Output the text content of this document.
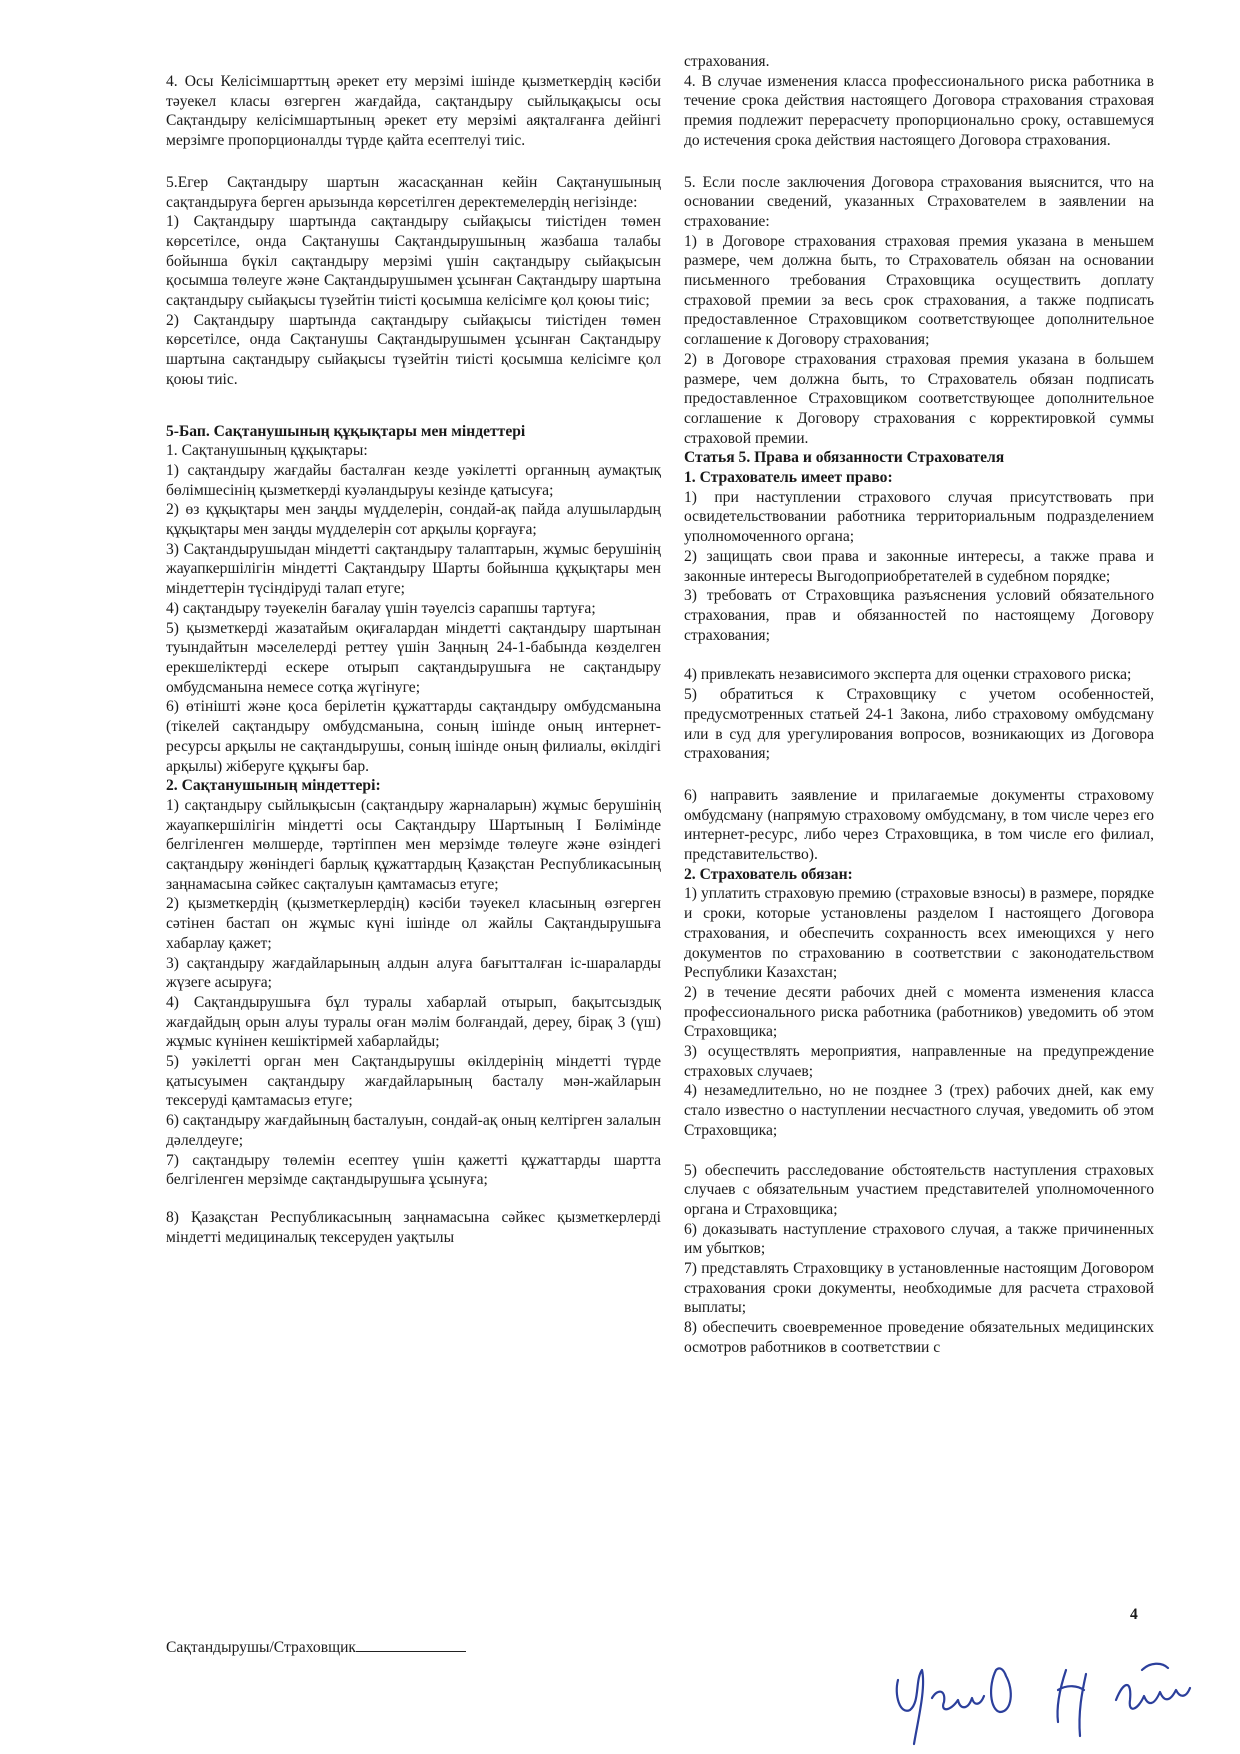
4. Осы Келісімшарттың әрекет ету мерзімі ішінде қызметкердің кәсіби тәуекел класы өзгерген жағдайда, сақтандыру сыйлықақысы осы Сақтандыру келісімшартының әрекет ету мерзімі аяқталғанға дейінгі мерзімге пропорционалды түрде қайта есептелуі тиіс.

5.Егер Сақтандыру шартын жасасқаннан кейін Сақтанушының сақтандыруға берген арызында көрсетілген деректемелердің негізінде:

1) Сақтандыру шартында сақтандыру сыйақысы тиістіден төмен көрсетілсе, онда Сақтанушы Сақтандырушының жазбаша талабы бойынша бүкіл сақтандыру мерзімі үшін сақтандыру сыйақысын қосымша төлеуге және Сақтандырушымен ұсынған Сақтандыру шартына сақтандыру сыйақысы түзейтін тиісті қосымша келісімге қол қоюы тиіс;

2) Сақтандыру шартында сақтандыру сыйақысы тиістіден төмен көрсетілсе, онда Сақтанушы Сақтандырушымен ұсынған Сақтандыру шартына сақтандыру сыйақысы түзейтін тиісті қосымша келісімге қол қоюы тиіс.

5-Бап. Сақтанушының құқықтары мен міндеттері

1. Сақтанушының құқықтары:

1) сақтандыру жағдайы басталған кезде уәкілетті органның аумақтық бөлімшесінің қызметкерді куәландыруы кезінде қатысуға;

2) өз құқықтары мен заңды мүдделерін, сондай-ақ пайда алушылардың құқықтары мен заңды мүдделерін сот арқылы қорғауға;

3) Сақтандырушыдан міндетті сақтандыру талаптарын, жұмыс берушінің жауапкершілігін міндетті Сақтандыру Шарты бойынша құқықтары мен міндеттерін түсіндіруді талап етуге;

4) сақтандыру тәуекелін бағалау үшін тәуелсіз сарапшы тартуға;

5) қызметкерді жазатайым оқиғалардан міндетті сақтандыру шартынан туындайтын мәселелерді реттеу үшін Заңның 24-1-бабында көзделген ерекшеліктерді ескере отырып сақтандырушыға не сақтандыру омбудсманына немесе сотқа жүгінуге;

6) өтінішті және қоса берілетін құжаттарды сақтандыру омбудсманына (тікелей сақтандыру омбудсманына, соның ішінде оның интернет-ресурсы арқылы не сақтандырушы, соның ішінде оның филиалы, өкілдігі арқылы) жіберуге құқығы бар.

2. Сақтанушының міндеттері:

1) сақтандыру сыйлықысын (сақтандыру жарналарын) жұмыс берушінің жауапкершілігін міндетті осы Сақтандыру Шартының I Бөлімінде белгіленген мөлшерде, тәртіппен мен мерзімде төлеуге және өзіндегі сақтандыру жөніндегі барлық құжаттардың Қазақстан Республикасының заңнамасына сәйкес сақталуын қамтамасыз етуге;

2) қызметкердің (қызметкерлердің) кәсіби тәуекел класының өзгерген сәтінен бастап он жұмыс күні ішінде ол жайлы Сақтандырушыға хабарлау қажет;

3) сақтандыру жағдайларының алдын алуға бағытталған іс-шараларды жүзеге асыруға;

4) Сақтандырушыға бұл туралы хабарлай отырып, бақытсыздық жағдайдың орын алуы туралы оған мәлім болғандай, дереу, бірақ 3 (үш) жұмыс күнінен кешіктірмей хабарлайды;

5) уәкілетті орган мен Сақтандырушы өкілдерінің міндетті түрде қатысуымен сақтандыру жағдайларының басталу мән-жайларын тексеруді қамтамасыз етуге;

6) сақтандыру жағдайының басталуын, сондай-ақ оның келтірген залалын дәлелдеуге;

7) сақтандыру төлемін есептеу үшін қажетті құжаттарды шартта белгіленген мерзімде сақтандырушыға ұсынуға;

8) Қазақстан Республикасының заңнамасына сәйкес қызметкерлерді міндетті медициналық тексеруден уақтылы

страхования.

4. В случае изменения класса профессионального риска работника в течение срока действия настоящего Договора страхования страховая премия подлежит перерасчету пропорционально сроку, оставшемуся до истечения срока действия настоящего Договора страхования.

5. Если после заключения Договора страхования выяснится, что на основании сведений, указанных Страхователем в заявлении на страхование:

1) в Договоре страхования страховая премия указана в меньшем размере, чем должна быть, то Страхователь обязан на основании письменного требования Страховщика осуществить доплату страховой премии за весь срок страхования, а также подписать предоставленное Страховщиком соответствующее дополнительное соглашение к Договору страхования;

2) в Договоре страхования страховая премия указана в большем размере, чем должна быть, то Страхователь обязан подписать предоставленное Страховщиком соответствующее дополнительное соглашение к Договору страхования с корректировкой суммы страховой премии.

Статья 5. Права и обязанности Страхователя
1. Страхователь имеет право:

1) при наступлении страхового случая присутствовать при освидетельствовании работника территориальным подразделением уполномоченного органа;

2) защищать свои права и законные интересы, а также права и законные интересы Выгодоприобретателей в судебном порядке;

3) требовать от Страховщика разъяснения условий обязательного страхования, прав и обязанностей по настоящему Договору страхования;

4) привлекать независимого эксперта для оценки страхового риска;

5) обратиться к Страховщику с учетом особенностей, предусмотренных статьей 24-1 Закона, либо страховому омбудсману или в суд для урегулирования вопросов, возникающих из Договора страхования;

6) направить заявление и прилагаемые документы страховому омбудсману (напрямую страховому омбудсману, в том числе через его интернет-ресурс, либо через Страховщика, в том числе его филиал, представительство).

2. Страхователь обязан:

1) уплатить страховую премию (страховые взносы) в размере, порядке и сроки, которые установлены разделом I настоящего Договора страхования, и обеспечить сохранность всех имеющихся у него документов по страхованию в соответствии с законодательством Республики Казахстан;

2) в течение десяти рабочих дней с момента изменения класса профессионального риска работника (работников) уведомить об этом Страховщика;

3) осуществлять мероприятия, направленные на предупреждение страховых случаев;

4) незамедлительно, но не позднее 3 (трех) рабочих дней, как ему стало известно о наступлении несчастного случая, уведомить об этом Страховщика;

5) обеспечить расследование обстоятельств наступления страховых случаев с обязательным участием представителей уполномоченного органа и Страховщика;

6) доказывать наступление страхового случая, а также причиненных им убытков;

7) представлять Страховщику в установленные настоящим Договором страхования сроки документы, необходимые для расчета страховой выплаты;

8) обеспечить своевременное проведение обязательных медицинских осмотров работников в соответствии с

Сақтандырушы/Страховщик
4
